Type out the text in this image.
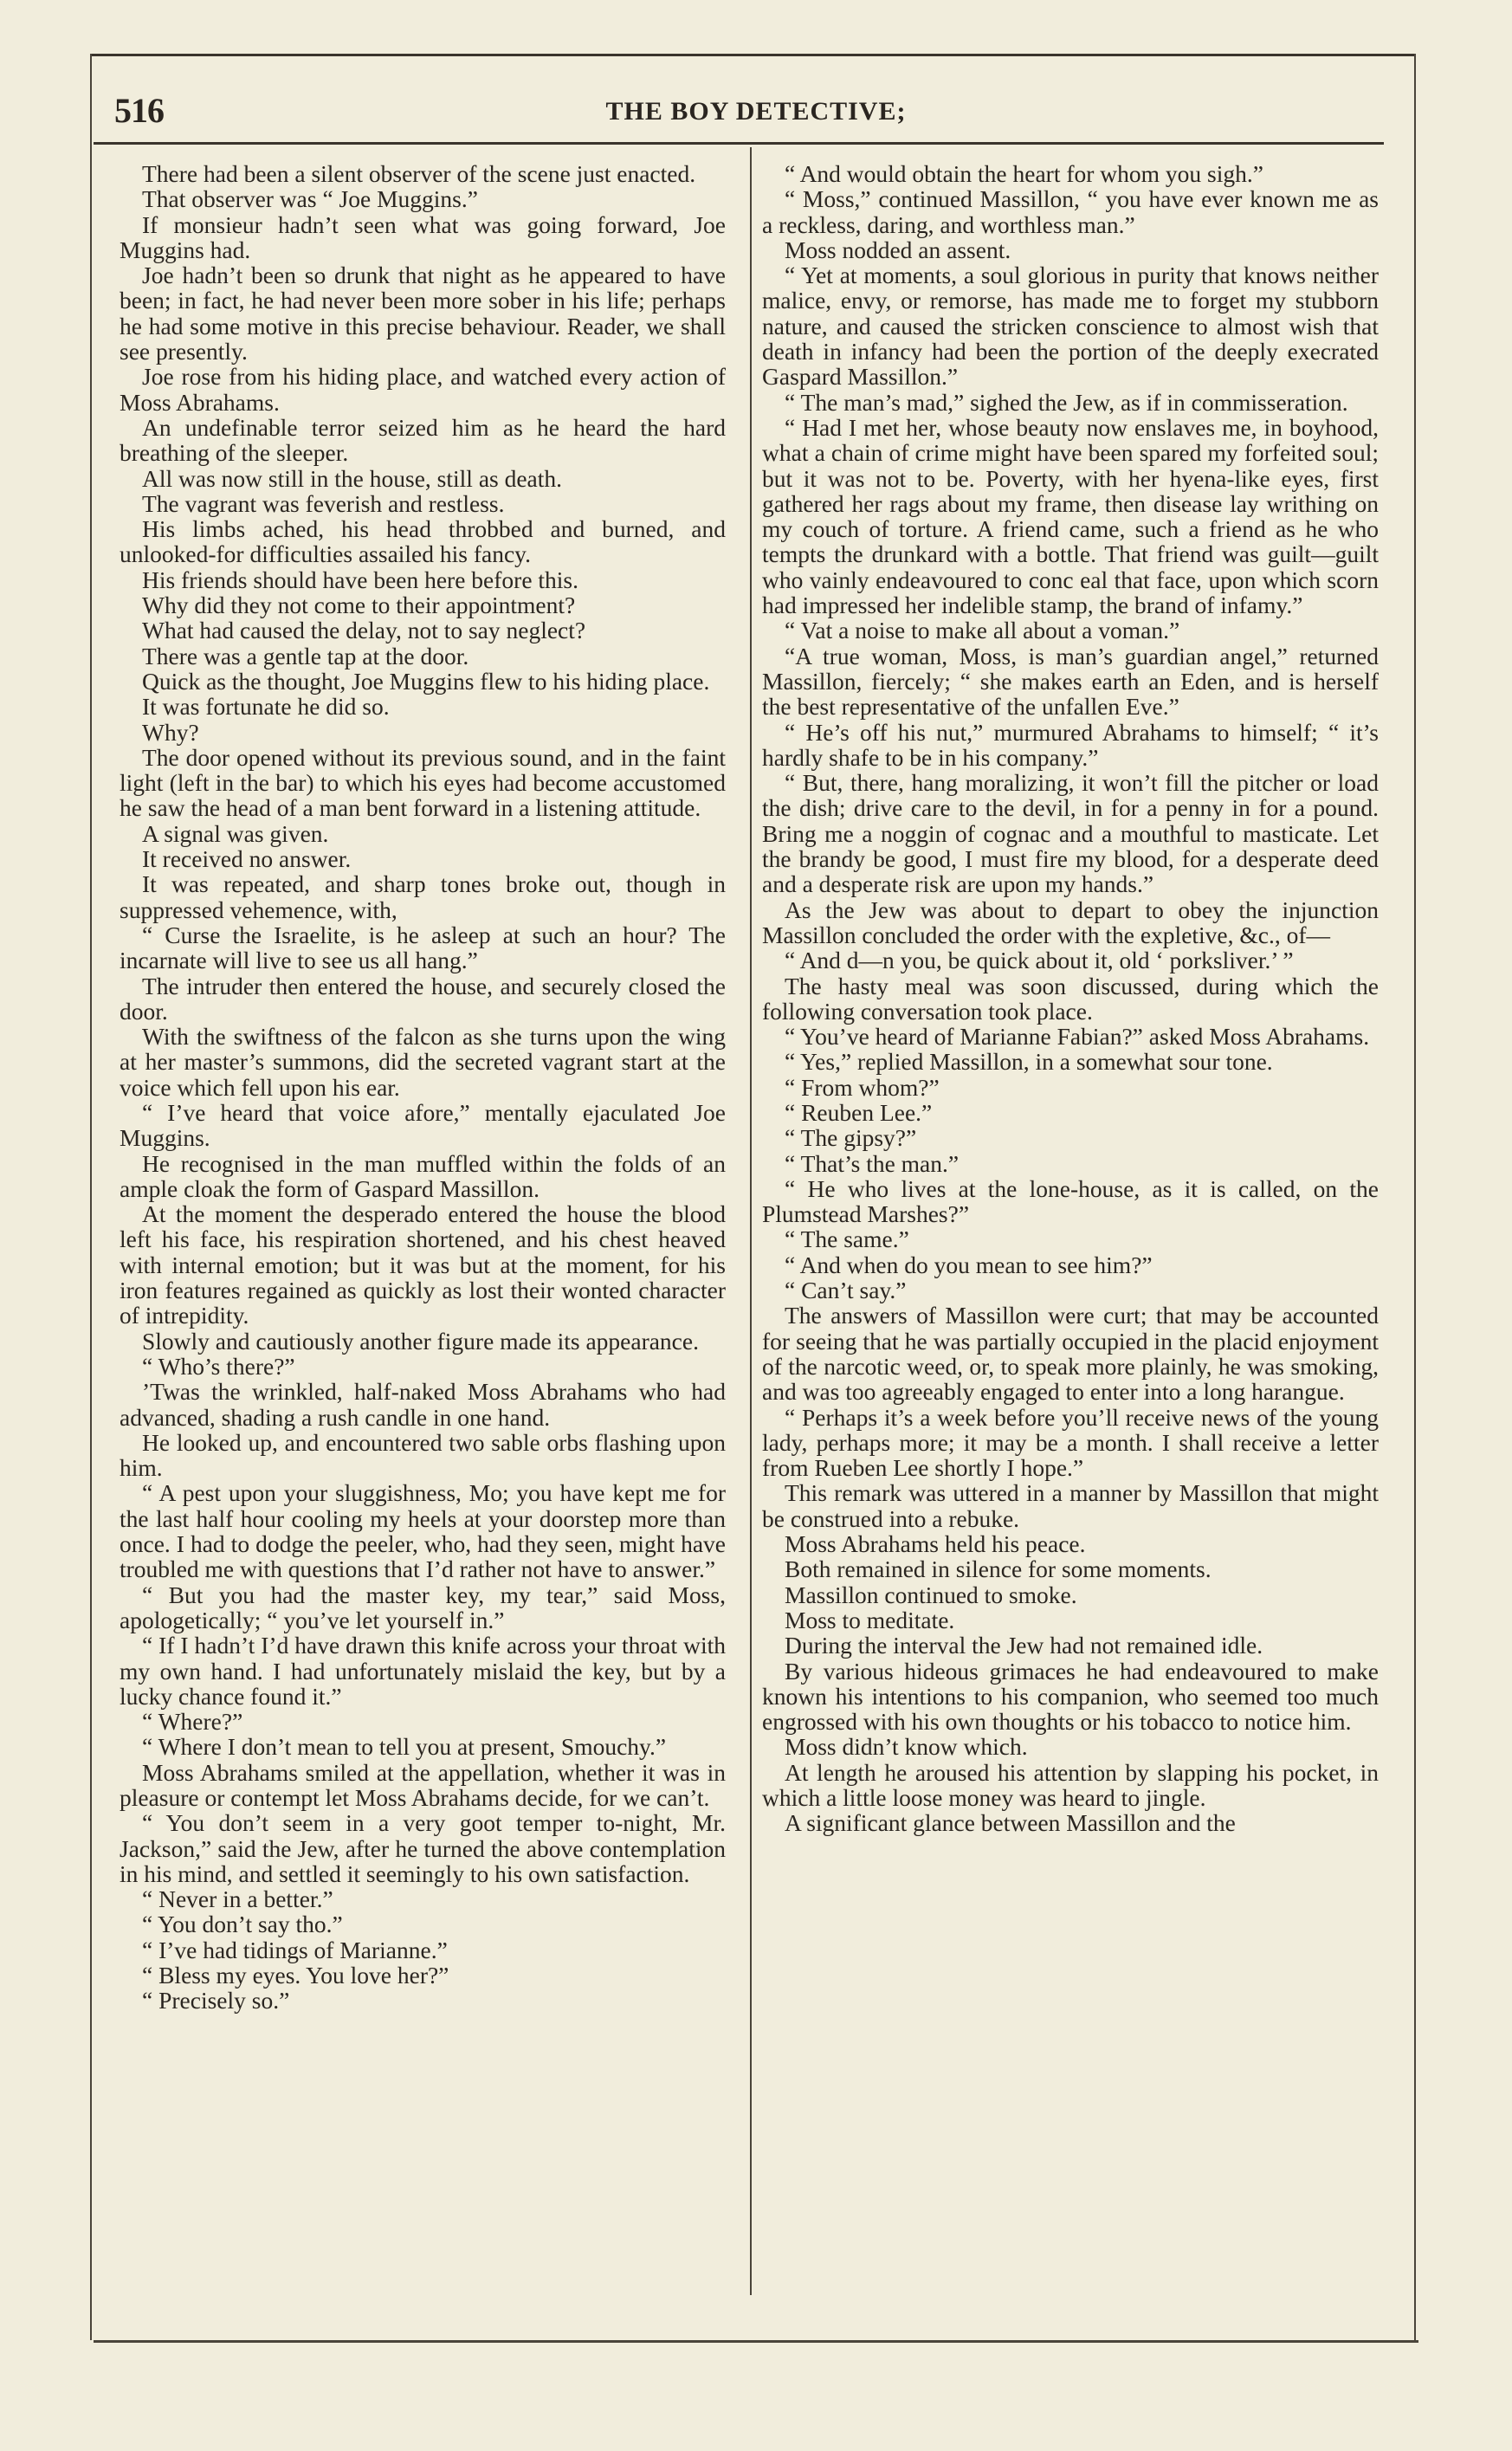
516	THE BOY DETECTIVE;

There had been a silent observer of the scene just enacted.

That observer was “ Joe Muggins.”

If monsieur hadn’t seen what was going forward, Joe Muggins had.

Joe hadn’t been so drunk that night as he appeared to have been; in fact, he had never been more sober in his life; perhaps he had some motive in this precise behaviour. Reader, we shall see presently.

Joe rose from his hiding place, and watched every action of Moss Abrahams.

An undefinable terror seized him as he heard the hard breathing of the sleeper.

All was now still in the house, still as death.

The vagrant was feverish and restless.

His limbs ached, his head throbbed and burned, and unlooked-for difficulties assailed his fancy.

His friends should have been here before this.

Why did they not come to their appointment?

What had caused the delay, not to say neglect?

There was a gentle tap at the door.

Quick as the thought, Joe Muggins flew to his hiding place.

It was fortunate he did so.

Why?

The door opened without its previous sound, and in the faint light (left in the bar) to which his eyes had become accustomed he saw the head of a man bent forward in a listening attitude.

A signal was given.

It received no answer.

It was repeated, and sharp tones broke out, though in suppressed vehemence, with,

“ Curse the Israelite, is he asleep at such an hour? The incarnate will live to see us all hang.”

The intruder then entered the house, and securely closed the door.

With the swiftness of the falcon as she turns upon the wing at her master’s summons, did the secreted vagrant start at the voice which fell upon his ear.

“ I’ve heard that voice afore,” mentally ejaculated Joe Muggins.

He recognised in the man muffled within the folds of an ample cloak the form of Gaspard Massillon.

At the moment the desperado entered the house the blood left his face, his respiration shortened, and his chest heaved with internal emotion; but it was but at the moment, for his iron features regained as quickly as lost their wonted character of intrepidity.

Slowly and cautiously another figure made its appearance.

“ Who’s there?”

’Twas the wrinkled, half-naked Moss Abrahams who had advanced, shading a rush candle in one hand.

He looked up, and encountered two sable orbs flashing upon him.

“ A pest upon your sluggishness, Mo; you have kept me for the last half hour cooling my heels at your doorstep more than once. I had to dodge the peeler, who, had they seen, might have troubled me with questions that I’d rather not have to answer.”

“ But you had the master key, my tear,” said Moss, apologetically; “ you’ve let yourself in.”

“ If I hadn’t I’d have drawn this knife across your throat with my own hand. I had unfortunately mislaid the key, but by a lucky chance found it.”

“ Where?”

“ Where I don’t mean to tell you at present, Smouchy.”

Moss Abrahams smiled at the appellation, whether it was in pleasure or contempt let Moss Abrahams decide, for we can’t.

“ You don’t seem in a very goot temper to-night, Mr. Jackson,” said the Jew, after he turned the above contemplation in his mind, and settled it seemingly to his own satisfaction.

“ Never in a better.”

“ You don’t say tho.”

“ I’ve had tidings of Marianne.”

“ Bless my eyes. You love her?”

“ Precisely so.”

“ And would obtain the heart for whom you sigh.”

“ Moss,” continued Massillon, “ you have ever known me as a reckless, daring, and worthless man.”

Moss nodded an assent.

“ Yet at moments, a soul glorious in purity that knows neither malice, envy, or remorse, has made me to forget my stubborn nature, and caused the stricken conscience to almost wish that death in infancy had been the portion of the deeply execrated Gaspard Massillon.”

“ The man’s mad,” sighed the Jew, as if in commisseration.

“ Had I met her, whose beauty now enslaves me, in boyhood, what a chain of crime might have been spared my forfeited soul; but it was not to be. Poverty, with her hyena-like eyes, first gathered her rags about my frame, then disease lay writhing on my couch of torture. A friend came, such a friend as he who tempts the drunkard with a bottle. That friend was guilt—guilt who vainly endeavoured to conc eal that face, upon which scorn had impressed her indelible stamp, the brand of infamy.”

“ Vat a noise to make all about a voman.”

“A true woman, Moss, is man’s guardian angel,” returned Massillon, fiercely; “ she makes earth an Eden, and is herself the best representative of the unfallen Eve.”

“ He’s off his nut,” murmured Abrahams to himself; “ it’s hardly shafe to be in his company.”

“ But, there, hang moralizing, it won’t fill the pitcher or load the dish; drive care to the devil, in for a penny in for a pound. Bring me a noggin of cognac and a mouthful to masticate. Let the brandy be good, I must fire my blood, for a desperate deed and a desperate risk are upon my hands.”

As the Jew was about to depart to obey the injunction Massillon concluded the order with the expletive, &c., of—

“ And d—n you, be quick about it, old ‘ porksliver.’ ”

The hasty meal was soon discussed, during which the following conversation took place.

“ You’ve heard of Marianne Fabian?” asked Moss Abrahams.

“ Yes,” replied Massillon, in a somewhat sour tone.

“ From whom?”

“ Reuben Lee.”

“ The gipsy?”

“ That’s the man.”

“ He who lives at the lone-house, as it is called, on the Plumstead Marshes?”

“ The same.”

“ And when do you mean to see him?”

“ Can’t say.”

The answers of Massillon were curt; that may be accounted for seeing that he was partially occupied in the placid enjoyment of the narcotic weed, or, to speak more plainly, he was smoking, and was too agreeably engaged to enter into a long harangue.

“ Perhaps it’s a week before you’ll receive news of the young lady, perhaps more; it may be a month. I shall receive a letter from Rueben Lee shortly I hope.”

This remark was uttered in a manner by Massillon that might be construed into a rebuke.

Moss Abrahams held his peace.

Both remained in silence for some moments.

Massillon continued to smoke.

Moss to meditate.

During the interval the Jew had not remained idle.

By various hideous grimaces he had endeavoured to make known his intentions to his companion, who seemed too much engrossed with his own thoughts or his tobacco to notice him.

Moss didn’t know which.

At length he aroused his attention by slapping his pocket, in which a little loose money was heard to jingle.

A significant glance between Massillon and the
